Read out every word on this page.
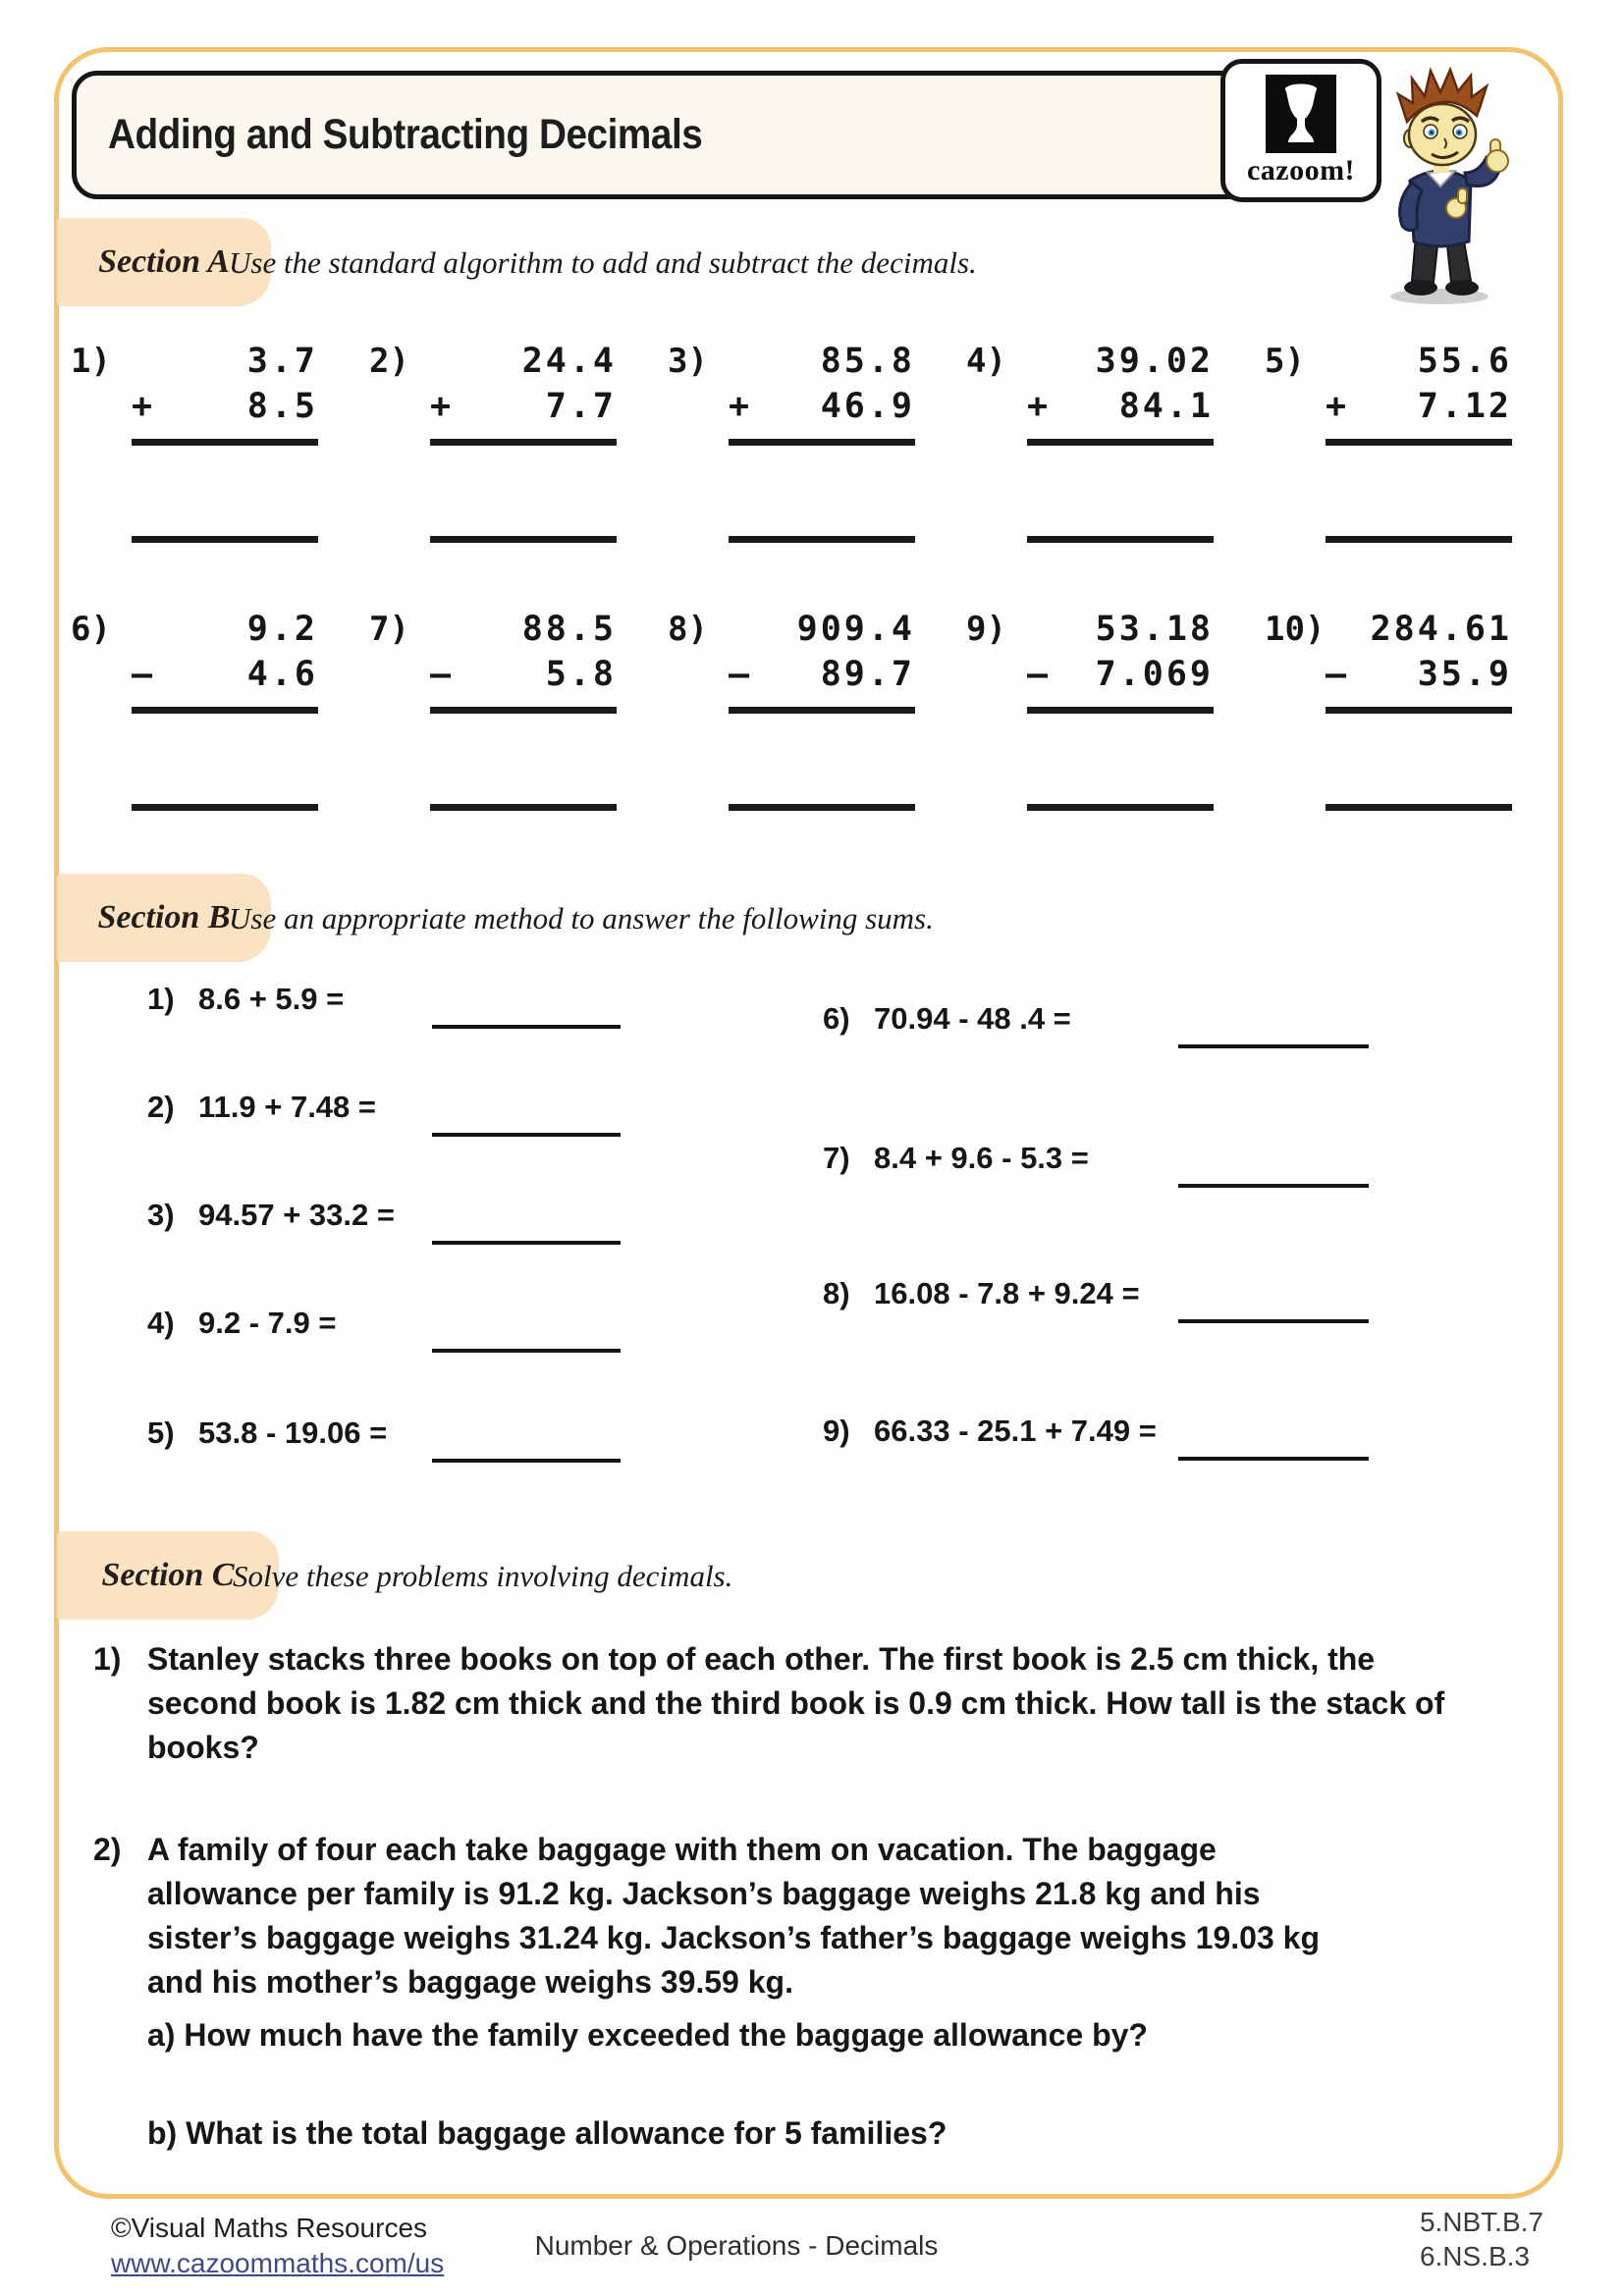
Adding and Subtracting Decimals
cazoom!
Section A Use the standard algorithm to add and subtract the decimals.
1)	3.7
+	8.5
2)	24.4
+	7.7
3)	85.8
+ 46.9
4)	39.02
+ 84.1
5)	55.6
+ 7.12
6)	9.2
–	4.6
7)	88.5
–	5.8
8)	909.4
– 89.7
9)	53.18
– 7.069
10)	284.61
– 35.9
Section B
Use an appropriate method to answer the following sums.
1) 8.6 + 5.9 =
2) 11.9 + 7.48 =
3) 94.57 + 33.2 =
4) 9.2 - 7.9 =
5) 53.8 - 19.06 =
6) 70.94 - 48 .4 =
7) 8.4 + 9.6 - 5.3 =
8) 16.08 - 7.8 + 9.24 =
9) 66.33 - 25.1 + 7.49 =
Section C
Solve these problems involving decimals.
1) Stanley stacks three books on top of each other. The first book is 2.5 cm thick, the second book is 1.82 cm thick and the third book is 0.9 cm thick. How tall is the stack of books?
2) A family of four each take baggage with them on vacation. The baggage allowance per family is 91.2 kg. Jackson’s baggage weighs 21.8 kg and his sister’s baggage weighs 31.24 kg. Jackson’s father’s baggage weighs 19.03 kg and his mother’s baggage weighs 39.59 kg.
a) How much have the family exceeded the baggage allowance by?
b) What is the total baggage allowance for 5 families?
©Visual Maths Resources
www.cazoommaths.com/us
Number & Operations - Decimals
5.NBT.B.7
6.NS.B.3
